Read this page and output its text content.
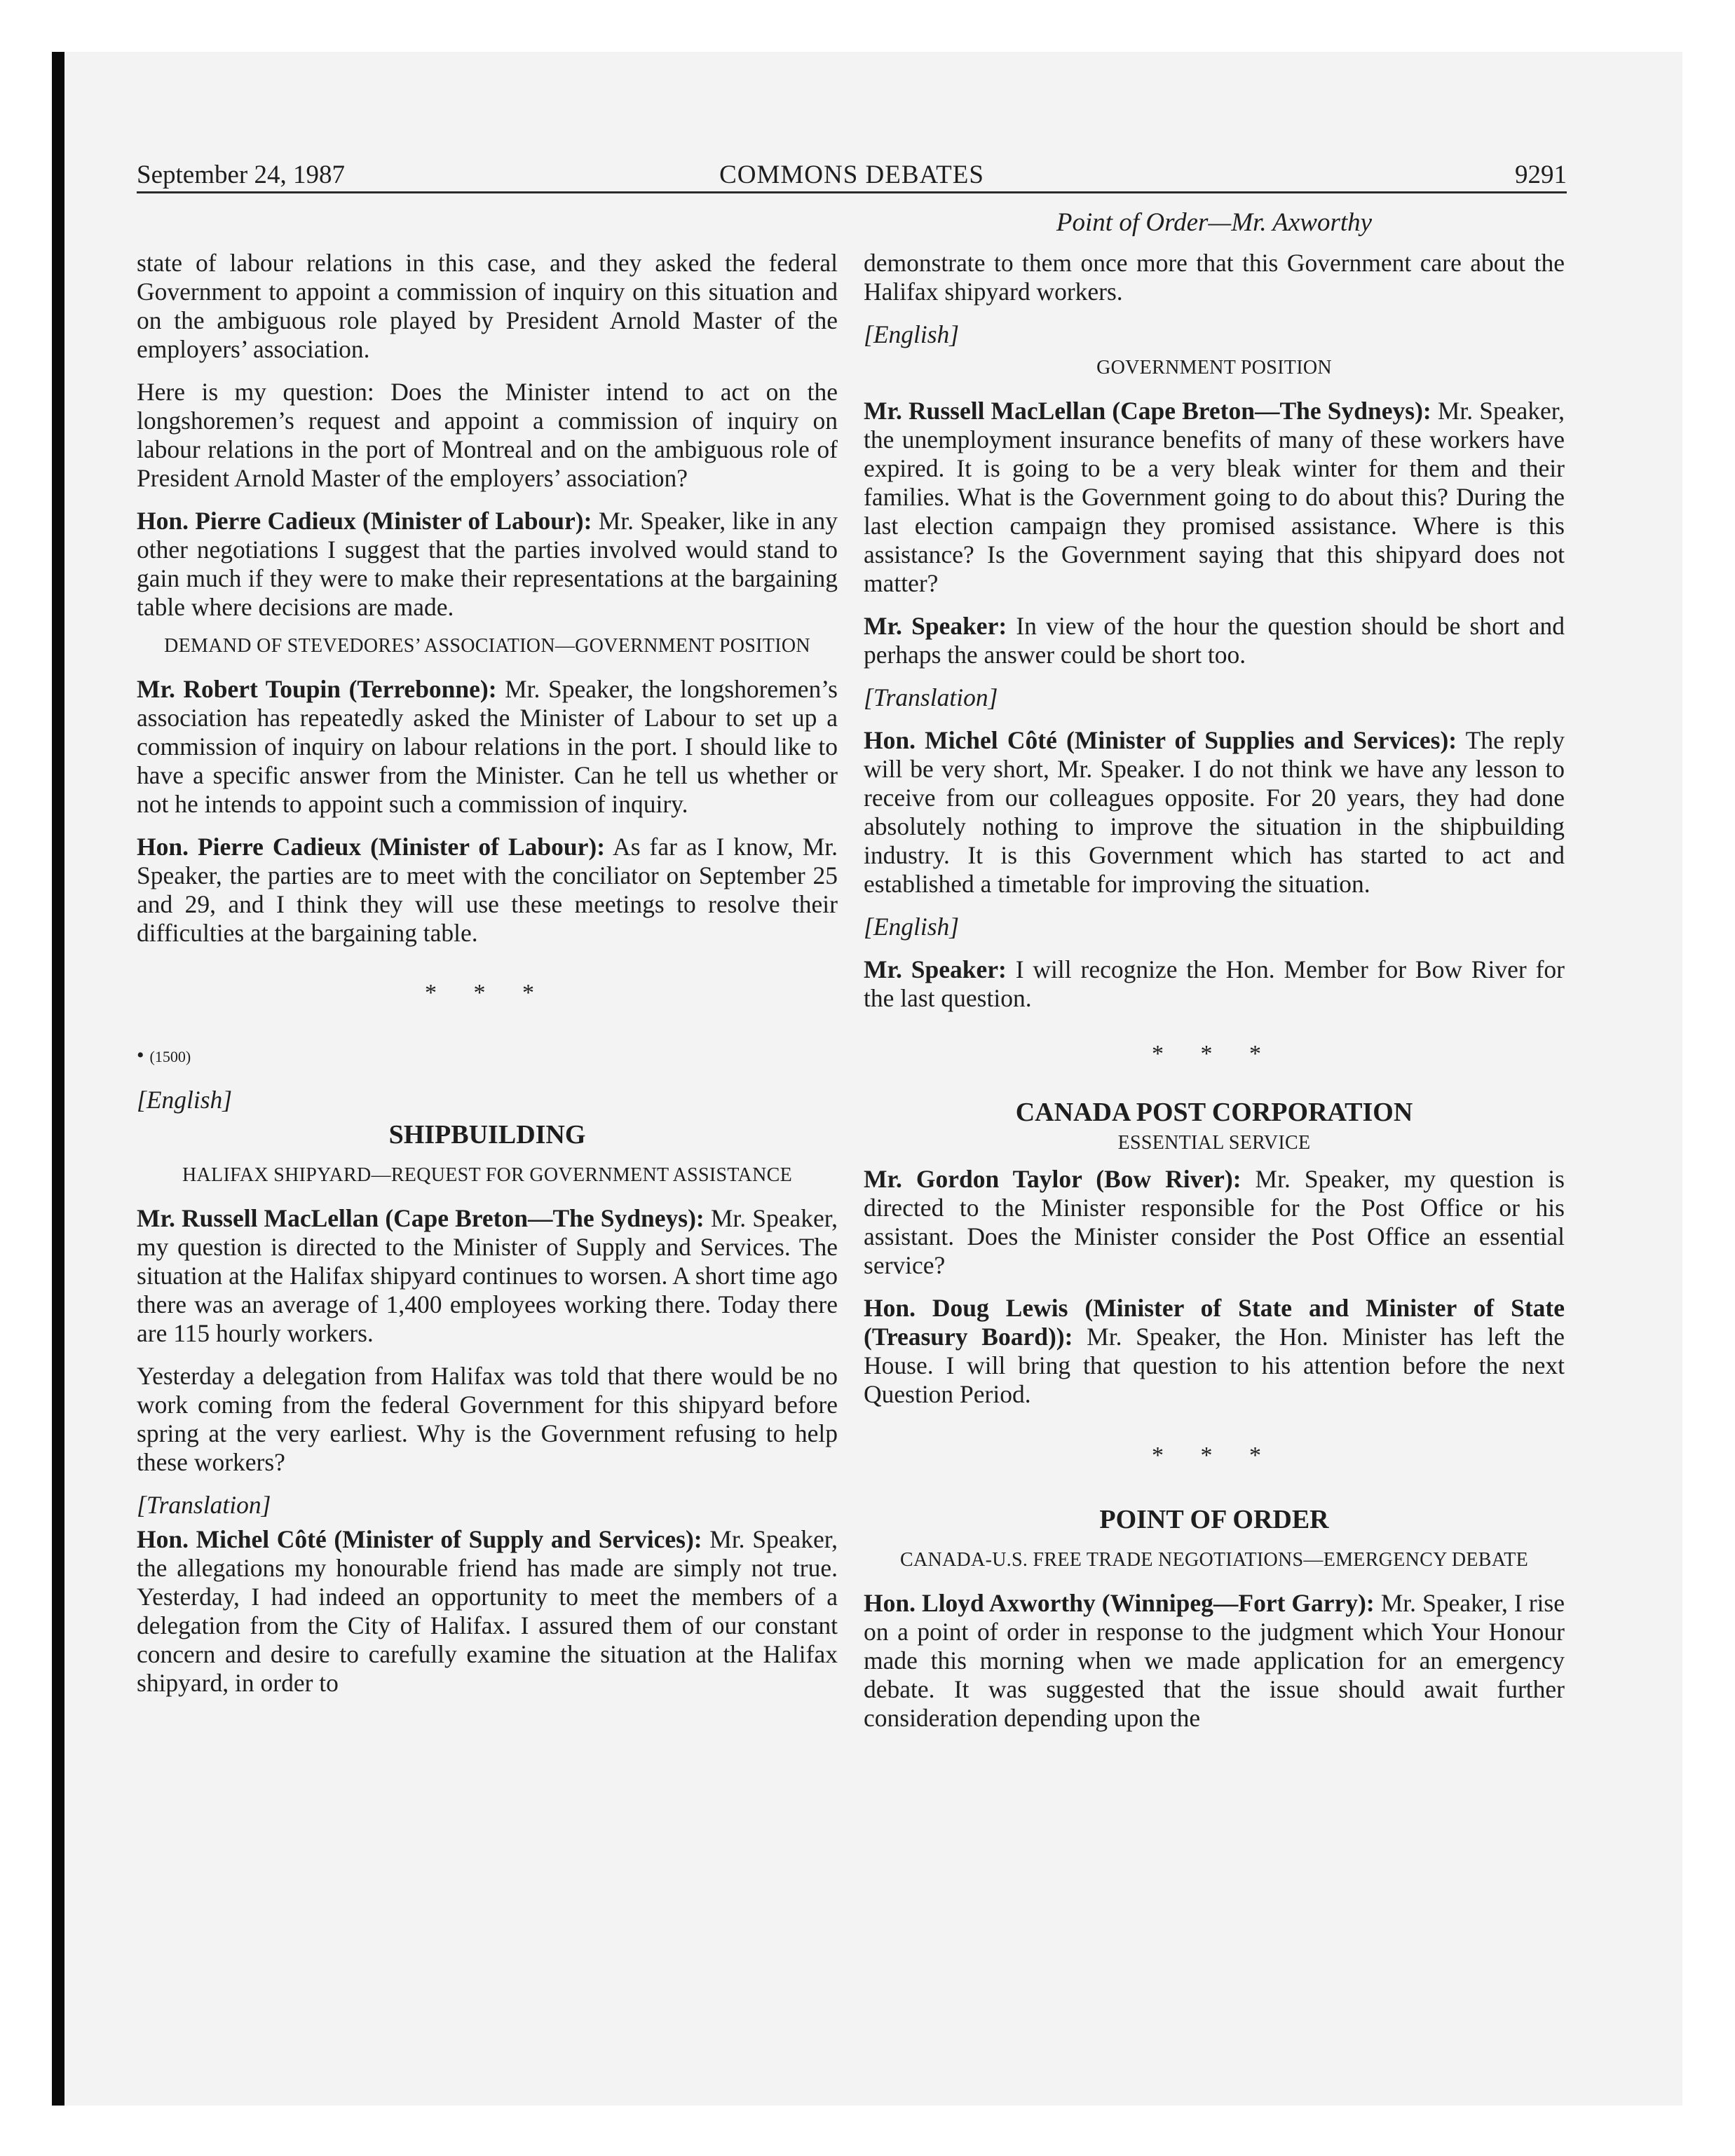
September 24, 1987	COMMONS DEBATES	9291
Point of Order—Mr. Axworthy

state of labour relations in this case, and they asked the federal Government to appoint a commission of inquiry on this situation and on the ambiguous role played by President Arnold Master of the employers’ association.

Here is my question: Does the Minister intend to act on the longshoremen’s request and appoint a commission of inquiry on labour relations in the port of Montreal and on the ambiguous role of President Arnold Master of the employers’ association?

Hon. Pierre Cadieux (Minister of Labour): Mr. Speaker, like in any other negotiations I suggest that the parties involved would stand to gain much if they were to make their representations at the bargaining table where decisions are made.

DEMAND OF STEVEDORES’ ASSOCIATION—GOVERNMENT POSITION

Mr. Robert Toupin (Terrebonne): Mr. Speaker, the longshoremen’s association has repeatedly asked the Minister of Labour to set up a commission of inquiry on labour relations in the port. I should like to have a specific answer from the Minister. Can he tell us whether or not he intends to appoint such a commission of inquiry.

Hon. Pierre Cadieux (Minister of Labour): As far as I know, Mr. Speaker, the parties are to meet with the conciliator on September 25 and 29, and I think they will use these meetings to resolve their difficulties at the bargaining table.

* * *

• (1500)

[English]

SHIPBUILDING
HALIFAX SHIPYARD—REQUEST FOR GOVERNMENT ASSISTANCE

Mr. Russell MacLellan (Cape Breton—The Sydneys): Mr. Speaker, my question is directed to the Minister of Supply and Services. The situation at the Halifax shipyard continues to worsen. A short time ago there was an average of 1,400 employees working there. Today there are 115 hourly workers.

Yesterday a delegation from Halifax was told that there would be no work coming from the federal Government for this shipyard before spring at the very earliest. Why is the Government refusing to help these workers?

[Translation]

Hon. Michel Côté (Minister of Supply and Services): Mr. Speaker, the allegations my honourable friend has made are simply not true. Yesterday, I had indeed an opportunity to meet the members of a delegation from the City of Halifax. I assured them of our constant concern and desire to carefully examine the situation at the Halifax shipyard, in order to

demonstrate to them once more that this Government care about the Halifax shipyard workers.

[English]

GOVERNMENT POSITION

Mr. Russell MacLellan (Cape Breton—The Sydneys): Mr. Speaker, the unemployment insurance benefits of many of these workers have expired. It is going to be a very bleak winter for them and their families. What is the Government going to do about this? During the last election campaign they promised assistance. Where is this assistance? Is the Government saying that this shipyard does not matter?

Mr. Speaker: In view of the hour the question should be short and perhaps the answer could be short too.

[Translation]

Hon. Michel Côté (Minister of Supplies and Services): The reply will be very short, Mr. Speaker. I do not think we have any lesson to receive from our colleagues opposite. For 20 years, they had done absolutely nothing to improve the situation in the shipbuilding industry. It is this Government which has started to act and established a timetable for improving the situation.

[English]

Mr. Speaker: I will recognize the Hon. Member for Bow River for the last question.

* * *
CANADA POST CORPORATION
ESSENTIAL SERVICE

Mr. Gordon Taylor (Bow River): Mr. Speaker, my question is directed to the Minister responsible for the Post Office or his assistant. Does the Minister consider the Post Office an essential service?

Hon. Doug Lewis (Minister of State and Minister of State (Treasury Board)): Mr. Speaker, the Hon. Minister has left the House. I will bring that question to his attention before the next Question Period.

* * *
POINT OF ORDER
CANADA-U.S. FREE TRADE NEGOTIATIONS—EMERGENCY DEBATE

Hon. Lloyd Axworthy (Winnipeg—Fort Garry): Mr. Speaker, I rise on a point of order in response to the judgment which Your Honour made this morning when we made application for an emergency debate. It was suggested that the issue should await further consideration depending upon the
